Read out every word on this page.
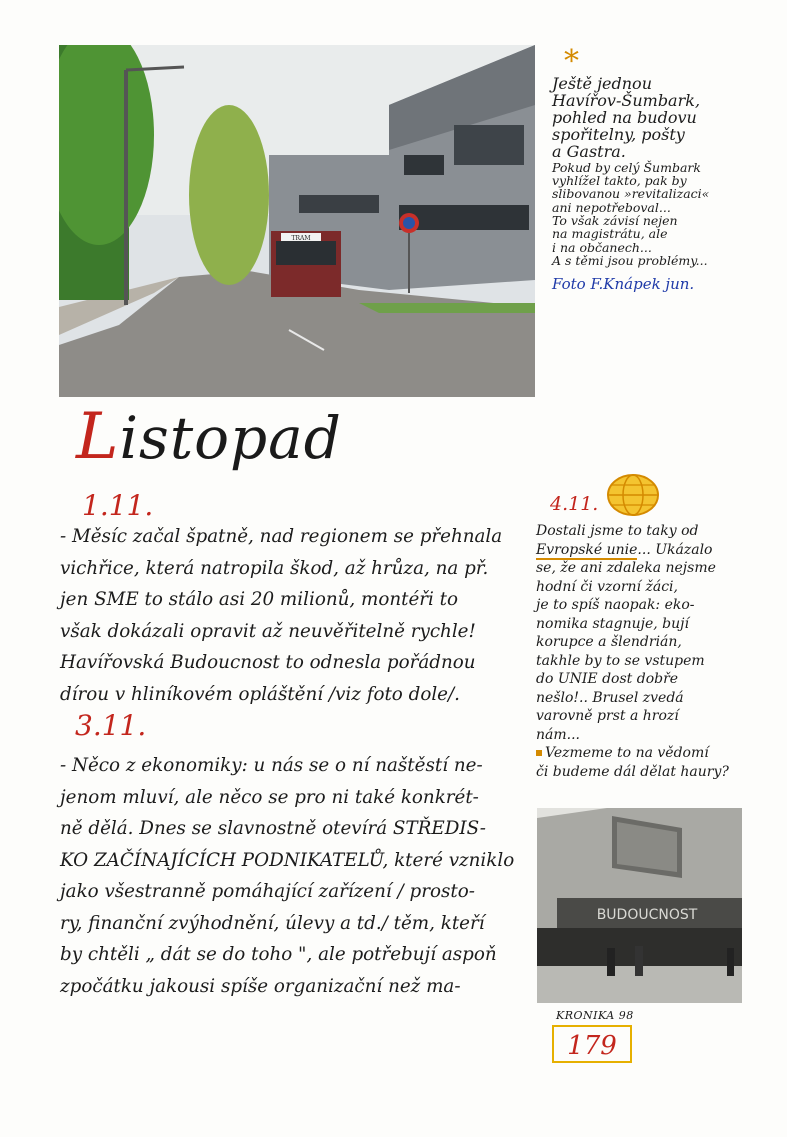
TRAM
*
Ještě jednou
Havířov-Šumbark,
pohled na budovu
spořitelny, pošty
a Gastra.
Pokud by celý Šumbark
vyhlížel takto, pak by
slibovanou »revitalizaci«
ani nepotřeboval...
To však závisí nejen
na magistrátu, ale
i na občanech...
A s těmi jsou problémy...
Foto F.Knápek jun.
Listopad
1.11.
- Měsíc začal špatně, nad regionem se přehnala
vichřice, která natropila škod, až hrůza, na př.
jen SME to stálo asi 20 milionů, montéři to
však dokázali opravit až neuvěřitelně rychle!
Havířovská Budoucnost to odnesla pořádnou
dírou v hliníkovém opláštění /viz foto dole/.
3.11.
- Něco z ekonomiky: u nás se o ní naštěstí ne-
jenom mluví, ale něco se pro ni také konkrét-
ně dělá. Dnes se slavnostně otevírá STŘEDIS-
KO ZAČÍNAJÍCÍCH PODNIKATELŮ, které vzniklo
jako všestranně pomáhající zařízení / prosto-
ry, finanční zvýhodnění, úlevy a td./ těm, kteří
by chtěli „ dát se do toho ", ale potřebují aspoň
zpočátku jakousi spíše organizační než ma-
4.11.
Dostali jsme to taky od
Evropské unie... Ukázalo
se, že ani zdaleka nejsme
hodní či vzorní žáci,
je to spíš naopak: eko-
nomika stagnuje, bují
korupce a šlendrián,
takhle by to se vstupem
do UNIE dost dobře
nešlo!.. Brusel zvedá
varovně prst a hrozí
nám...
Vezmeme to na vědomí
či budeme dál dělat haury?
BUDOUCNOST
KRONIKA 98
179
